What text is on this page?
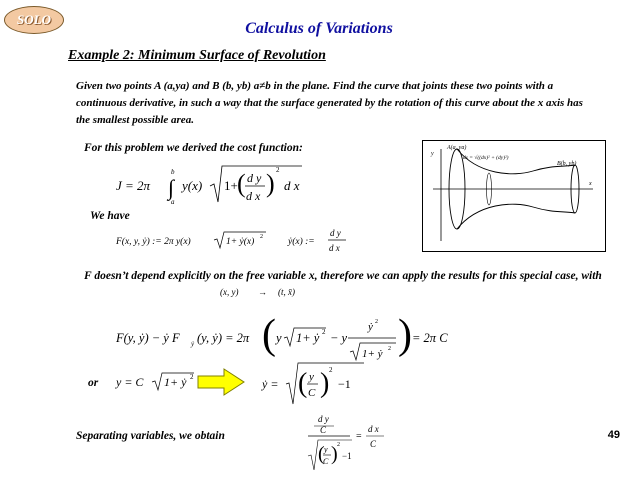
SOLO
Calculus of Variations
Example 2: Minimum Surface of Revolution
Given two points A (a,ya) and B (b, yb) a≠b in the plane. Find the curve that joints these two points with a continuous derivative, in such a way that the surface generated by the rotation of this curve about the x axis has the smallest possible area.
For this problem we derived the cost function:
J = 2π ∫
b
a
y(x) 1+ ( d y
d x ) 2
d x
We have
F(x, y, ẏ) := 2π y(x)	1+ ẏ(x) 2	ẏ(x) :=
d y
d x
A(a, ya)
B(b, yb)
ds = √((dx)² + (dy)²)
x
y
F doesn’t depend explicitly on the free variable x, therefore we can apply the results for this special case, with
(x, y) → (t, x̄)
F(y, ẏ) − ẏ F ẏ (y, ẏ) = 2π ( y 1+ ẏ 2 − y
ẏ 2
1+ ẏ 2 ) = 2π C
or y = C 1+ ẏ 2	ẏ = ( y
C ) 2
−1
Separating variables, we obtain
d y
C
( y
C ) 2
−1
=
d x
C
49
